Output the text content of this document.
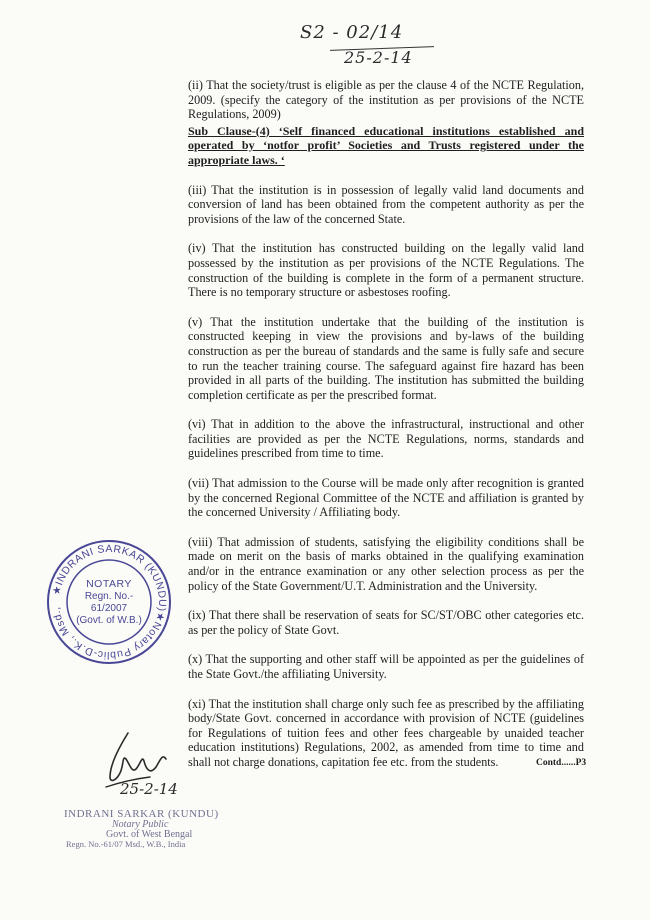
S2 - 02/14
25-2-14

(ii) That the society/trust is eligible as per the clause 4 of the NCTE Regulation, 2009. (specify the category of the institution as per provisions of the NCTE Regulations, 2009)

Sub Clause-(4) ‘Self financed educational institutions established and operated by ‘notfor profit’ Societies and Trusts registered under the appropriate laws. ‘

(iii) That the institution is in possession of legally valid land documents and conversion of land has been obtained from the competent authority as per the provisions of the law of the concerned State.

(iv) That the institution has constructed building on the legally valid land possessed by the institution as per provisions of the NCTE Regulations. The construction of the building is complete in the form of a permanent structure. There is no temporary structure or asbestoses roofing.

(v) That the institution undertake that the building of the institution is constructed keeping in view the provisions and by-laws of the building construction as per the bureau of standards and the same is fully safe and secure to run the teacher training course. The safeguard against fire hazard has been provided in all parts of the building. The institution has submitted the building completion certificate as per the prescribed format.

(vi) That in addition to the above the infrastructural, instructional and other facilities are provided as per the NCTE Regulations, norms, standards and guidelines prescribed from time to time.

(vii) That admission to the Course will be made only after recognition is granted by the concerned Regional Committee of the NCTE and affiliation is granted by the concerned University / Affiliating body.

(viii) That admission of students, satisfying the eligibility conditions shall be made on merit on the basis of marks obtained in the qualifying examination and/or in the entrance examination or any other selection process as per the policy of the State Government/U.T. Administration and the University.

(ix) That there shall be reservation of seats for SC/ST/OBC other categories etc. as per the policy of State Govt.

(x) That the supporting and other staff will be appointed as per the guidelines of the State Govt./the affiliating University.

(xi) That the institution shall charge only such fee as prescribed by the affiliating body/State Govt. concerned in accordance with provision of NCTE (guidelines for Regulations of tuition fees and other fees chargeable by unaided teacher education institutions) Regulations, 2002, as amended from time to time and shall not charge donations, capitation fee etc. from the students.	Contd......P3
★INDRANI SARKAR (KUNDU)★Notary Public-D.K., Msd.,
NOTARY
Regn. No.-
61/2007
(Govt. of W.B.)
25-2-14
INDRANI SARKAR (KUNDU)
Notary Public
Govt. of West Bengal
Regn. No.-61/07 Msd., W.B., India
